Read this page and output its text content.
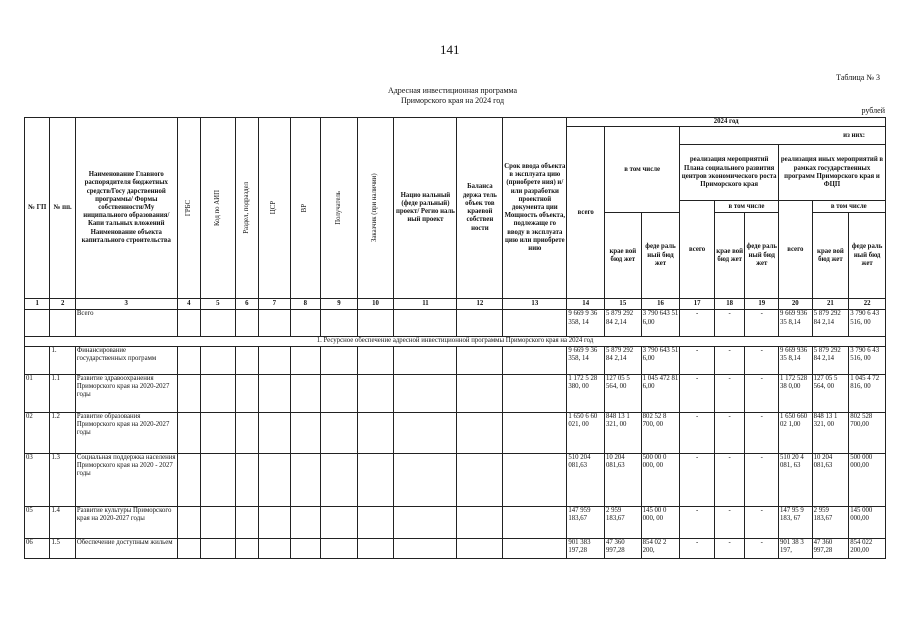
141
Таблица № 3
Адресная инвестиционная программа
Приморского края на 2024 год
рублей
№ ГП	№ пп.	Наименование Главного распорядителя бюджетных средств/Госу дарственной программы/ Формы собственности/Му ниципального образования/Капи тальных вложений Наименование объекта капитального строительства	ГРБС	Код по АИП	Раздел, подраздел	ЦСР	ВР	Получатель	Заказчик (при наличии)	Нацио нальный (феде ральный) проект/ Регио наль ный проект	Баланса держа тель объек тов краевой собствен ности	Срок ввода объекта в эксплуата цию (приобрете ния) и/или разработки проектной документа ции Мощность объекта, подлежаще го вводу в эксплуата цию или приобрете нию	2024 год								
													всего	в том числе		из них:					
																реализация мероприятий Плана социального развития центров экономического роста Приморского края			реализация иных мероприятий в рамках государственных программ Приморского края и ФЦП		
																всего	в том числе		всего	в том числе	
														крае вой бюд жет	феде раль ный бюд жет		крае вой бюд жет	феде раль ный бюд жет		крае вой бюд жет	феде раль ный бюд жет
1	2	3	4	5	6	7	8	9	10	11	12	13	14	15	16	17	18	19	20	21	22
		Всего											9 669 9 36 358, 14	5 879 292 84 2,14	3 790 643 51 6,00	-	-	-	9 669 936 35 8,14	5 879 292 84 2,14	3 790 6 43 516, 00
1. Ресурсное обеспечение адресной инвестиционной программы Приморского края на 2024 год																					
	1.	Финансирование государственных программ											9 669 9 36 358, 14	5 879 292 84 2,14	3 790 643 51 6,00	-	-	-	9 669 936 35 8,14	5 879 292 84 2,14	3 790 6 43 516, 00
01	1.1	Развитие здравоохранения Приморского края на 2020-2027 годы											1 172 5 28 380, 00	127 05 5 564, 00	1 045 472 81 6,00	-	-	-	1 172 528 38 0,00	127 05 5 564, 00	1 045 4 72 816, 00
02	1.2	Развитие образования Приморского края на 2020-2027 годы											1 650 6 60 021, 00	848 13 1 321, 00	802 52 8 700, 00	-	-	-	1 650 660 02 1,00	848 13 1 321, 00	802 528 700,00
03	1.3	Социальная поддержка населения Приморского края на 2020 - 2027 годы											510 204 081,63	10 204 081,63	500 00 0 000, 00	-	-	-	510 20 4 081, 63	10 204 081,63	500 000 000,00
05	1.4	Развитие культуры Приморского края на 2020-2027 годы											147 959 183,67	2 959 183,67	145 00 0 000, 00	-	-	-	147 95 9 183, 67	2 959 183,67	145 000 000,00
06	1.5	Обеспечение доступным жильем											901 383 197,28	47 360 997,28	854 02 2 200,	-	-	-	901 38 3 197,	47 360 997,28	854 022 200,00
